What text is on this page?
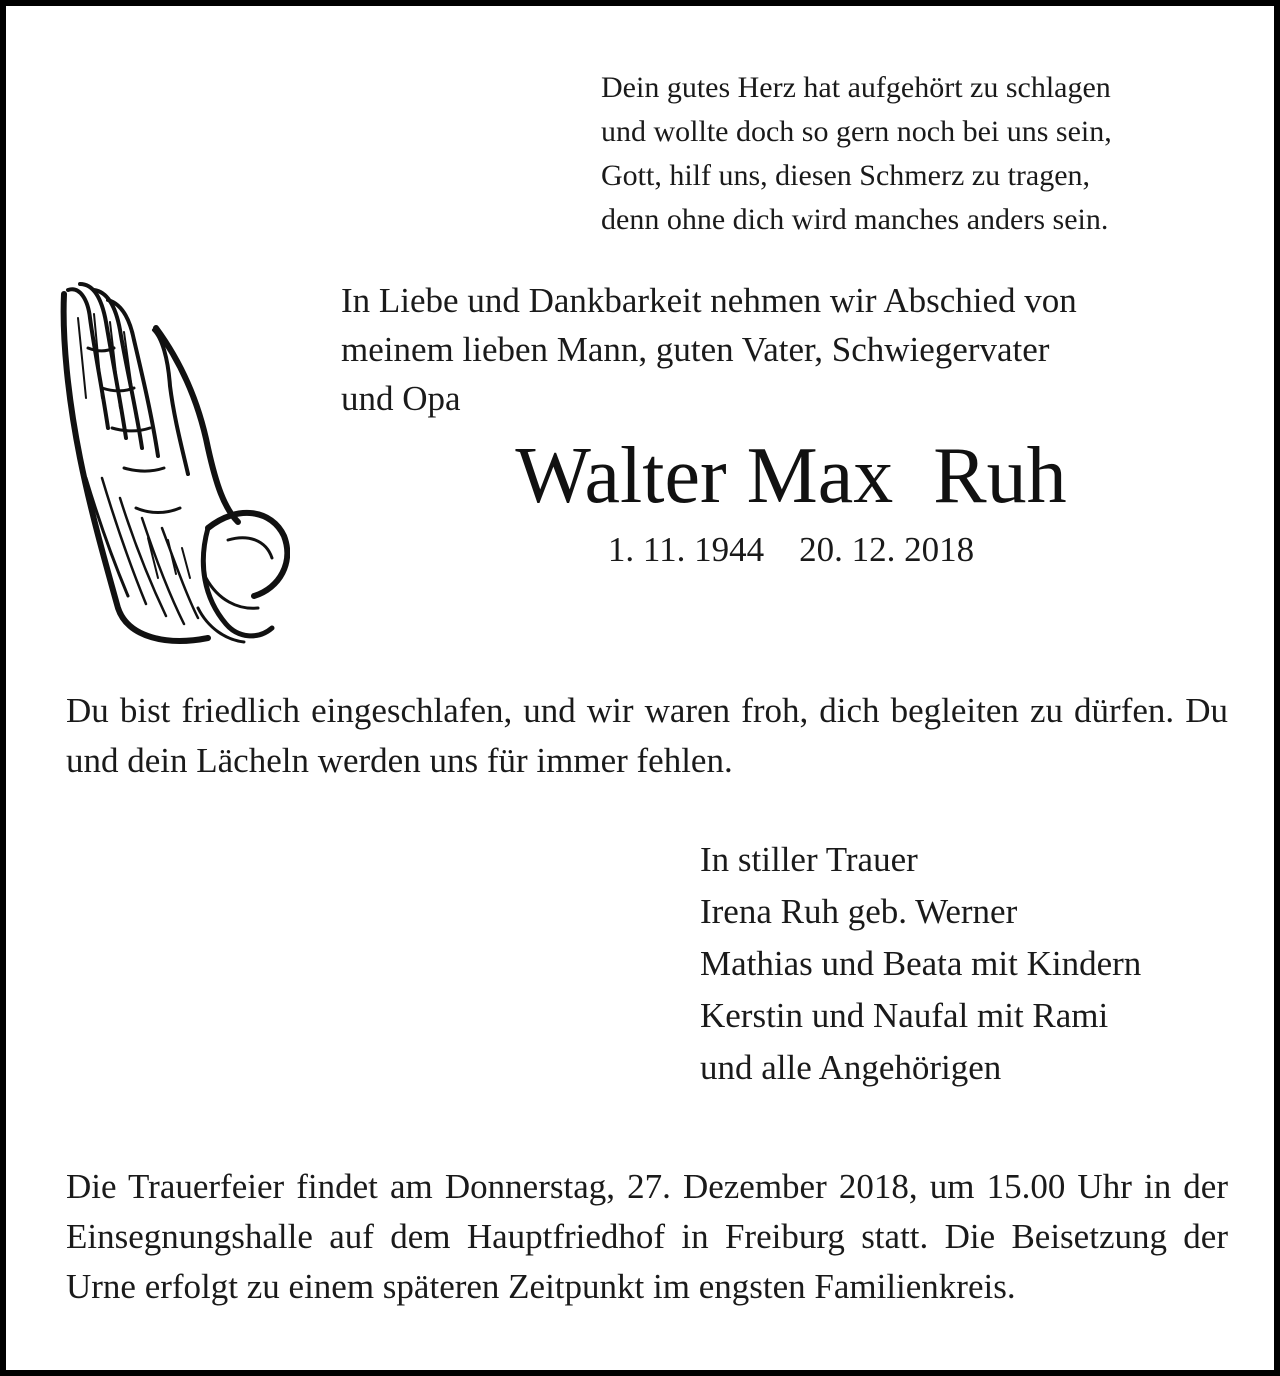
Dein gutes Herz hat aufgehört zu schlagen
und wollte doch so gern noch bei uns sein,
Gott, hilf uns, diesen Schmerz zu tragen,
denn ohne dich wird manches anders sein.
In Liebe und Dankbarkeit nehmen wir Abschied von
meinem lieben Mann, guten Vater, Schwiegervater
und Opa
Walter Max  Ruh
1. 11. 1944    20. 12. 2018
Du bist friedlich eingeschlafen, und wir waren froh, dich begleiten zu dürfen. Du und dein Lächeln werden uns für immer fehlen.
In stiller Trauer
Irena Ruh geb. Werner
Mathias und Beata mit Kindern
Kerstin und Naufal mit Rami
und alle Angehörigen
Die Trauerfeier findet am Donnerstag, 27. Dezember 2018, um 15.00 Uhr in der Einsegnungshalle auf dem Hauptfriedhof in Freiburg statt. Die Beisetzung der Urne erfolgt zu einem späteren Zeitpunkt im engsten Familienkreis.
